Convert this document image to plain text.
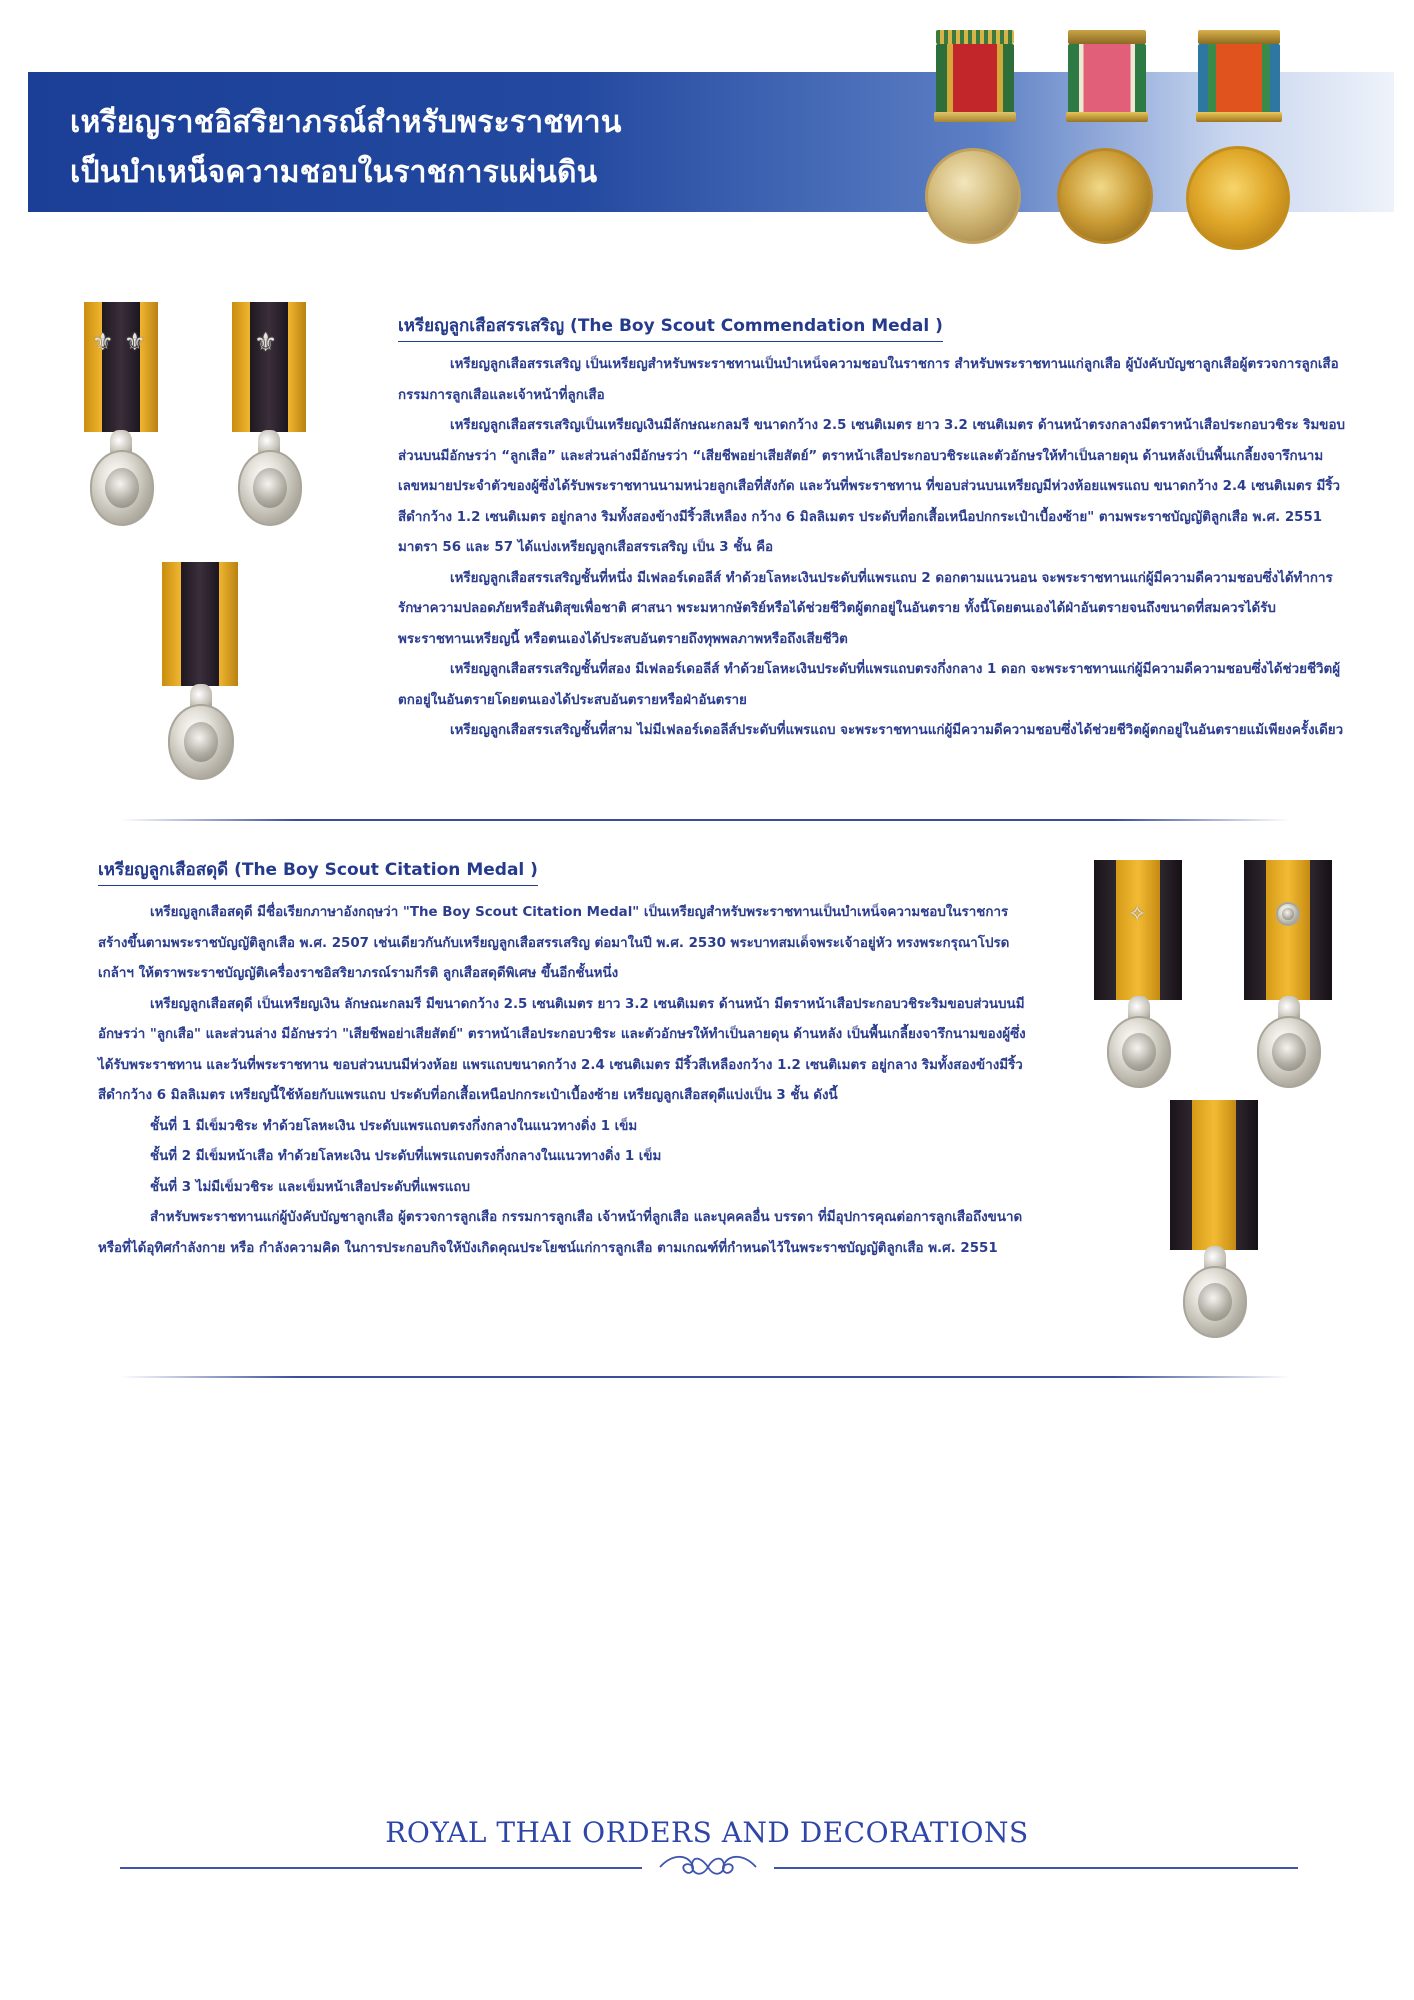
เหรียญราชอิสริยาภรณ์สำหรับพระราชทาน
เป็นบำเหน็จความชอบในราชการแผ่นดิน
⚜ ⚜	⚜
เหรียญลูกเสือสรรเสริญ (The Boy Scout Commendation Medal )

เหรียญลูกเสือสรรเสริญ เป็นเหรียญสำหรับพระราชทานเป็นบำเหน็จความชอบในราชการ สำหรับพระราชทานแก่ลูกเสือ ผู้บังคับบัญชาลูกเสือผู้ตรวจการลูกเสือ กรรมการลูกเสือและเจ้าหน้าที่ลูกเสือ

เหรียญลูกเสือสรรเสริญเป็นเหรียญเงินมีลักษณะกลมรี ขนาดกว้าง 2.5 เซนติเมตร ยาว 3.2 เซนติเมตร ด้านหน้าตรงกลางมีตราหน้าเสือประกอบวชิระ ริมขอบส่วนบนมีอักษรว่า “ลูกเสือ” และส่วนล่างมีอักษรว่า “เสียชีพอย่าเสียสัตย์” ตราหน้าเสือประกอบวชิระและตัวอักษรให้ทำเป็นลายดุน ด้านหลังเป็นพื้นเกลี้ยงจารึกนาม เลขหมายประจำตัวของผู้ซึ่งได้รับพระราชทานนามหน่วยลูกเสือที่สังกัด และวันที่พระราชทาน ที่ขอบส่วนบนเหรียญมีห่วงห้อยแพรแถบ ขนาดกว้าง 2.4 เซนติเมตร มีริ้วสีดำกว้าง 1.2 เซนติเมตร อยู่กลาง ริมทั้งสองข้างมีริ้วสีเหลือง กว้าง 6 มิลลิเมตร ประดับที่อกเสื้อเหนือปกกระเป๋าเบื้องซ้าย" ตามพระราชบัญญัติลูกเสือ พ.ศ. 2551 มาตรา 56 และ 57 ได้แบ่งเหรียญลูกเสือสรรเสริญ เป็น 3 ชั้น คือ

เหรียญลูกเสือสรรเสริญชั้นที่หนึ่ง มีเฟลอร์เดอลีส์ ทำด้วยโลหะเงินประดับที่แพรแถบ 2 ดอกตามแนวนอน จะพระราชทานแก่ผู้มีความดีความชอบซึ่งได้ทำการรักษาความปลอดภัยหรือสันติสุขเพื่อชาติ ศาสนา พระมหากษัตริย์หรือได้ช่วยชีวิตผู้ตกอยู่ในอันตราย ทั้งนี้โดยตนเองได้ฝ่าอันตรายจนถึงขนาดที่สมควรได้รับพระราชทานเหรียญนี้ หรือตนเองได้ประสบอันตรายถึงทุพพลภาพหรือถึงเสียชีวิต

เหรียญลูกเสือสรรเสริญชั้นที่สอง มีเฟลอร์เดอลีส์ ทำด้วยโลหะเงินประดับที่แพรแถบตรงกึ่งกลาง 1 ดอก จะพระราชทานแก่ผู้มีความดีความชอบซึ่งได้ช่วยชีวิตผู้ตกอยู่ในอันตรายโดยตนเองได้ประสบอันตรายหรือฝ่าอันตราย

เหรียญลูกเสือสรรเสริญชั้นที่สาม ไม่มีเฟลอร์เดอลีส์ประดับที่แพรแถบ จะพระราชทานแก่ผู้มีความดีความชอบซึ่งได้ช่วยชีวิตผู้ตกอยู่ในอันตรายแม้เพียงครั้งเดียว

เหรียญลูกเสือสดุดี (The Boy Scout Citation Medal )

เหรียญลูกเสือสดุดี มีชื่อเรียกภาษาอังกฤษว่า "The Boy Scout Citation Medal" เป็นเหรียญสำหรับพระราชทานเป็นบำเหน็จความชอบในราชการ สร้างขึ้นตามพระราชบัญญัติลูกเสือ พ.ศ. 2507 เช่นเดียวกันกับเหรียญลูกเสือสรรเสริญ ต่อมาในปี พ.ศ. 2530 พระบาทสมเด็จพระเจ้าอยู่หัว ทรงพระกรุณาโปรดเกล้าฯ ให้ตราพระราชบัญญัติเครื่องราชอิสริยาภรณ์รามกีรติ ลูกเสือสดุดีพิเศษ ขึ้นอีกชั้นหนึ่ง

เหรียญลูกเสือสดุดี เป็นเหรียญเงิน ลักษณะกลมรี มีขนาดกว้าง 2.5 เซนติเมตร ยาว 3.2 เซนติเมตร ด้านหน้า มีตราหน้าเสือประกอบวชิระริมขอบส่วนบนมีอักษรว่า "ลูกเสือ" และส่วนล่าง มีอักษรว่า "เสียชีพอย่าเสียสัตย์" ตราหน้าเสือประกอบวชิระ และตัวอักษรให้ทำเป็นลายดุน ด้านหลัง เป็นพื้นเกลี้ยงจารึกนามของผู้ซึ่งได้รับพระราชทาน และวันที่พระราชทาน ขอบส่วนบนมีห่วงห้อย แพรแถบขนาดกว้าง 2.4 เซนติเมตร มีริ้วสีเหลืองกว้าง 1.2 เซนติเมตร อยู่กลาง ริมทั้งสองข้างมีริ้วสีดำกว้าง 6 มิลลิเมตร เหรียญนี้ใช้ห้อยกับแพรแถบ ประดับที่อกเสื้อเหนือปกกระเป๋าเบื้องซ้าย เหรียญลูกเสือสดุดีแบ่งเป็น 3 ชั้น ดังนี้

ชั้นที่ 1 มีเข็มวชิระ ทำด้วยโลหะเงิน ประดับแพรแถบตรงกึ่งกลางในแนวทางดิ่ง 1 เข็ม

ชั้นที่ 2 มีเข็มหน้าเสือ ทำด้วยโลหะเงิน ประดับที่แพรแถบตรงกึ่งกลางในแนวทางดิ่ง 1 เข็ม

ชั้นที่ 3 ไม่มีเข็มวชิระ และเข็มหน้าเสือประดับที่แพรแถบ

สำหรับพระราชทานแก่ผู้บังคับบัญชาลูกเสือ ผู้ตรวจการลูกเสือ กรรมการลูกเสือ เจ้าหน้าที่ลูกเสือ และบุคคลอื่น บรรดา ที่มีอุปการคุณต่อการลูกเสือถึงขนาด หรือที่ได้อุทิศกำลังกาย หรือ กำลังความคิด ในการประกอบกิจให้บังเกิดคุณประโยชน์แก่การลูกเสือ ตามเกณฑ์ที่กำหนดไว้ในพระราชบัญญัติลูกเสือ พ.ศ. 2551

✧
ROYAL THAI ORDERS AND DECORATIONS
